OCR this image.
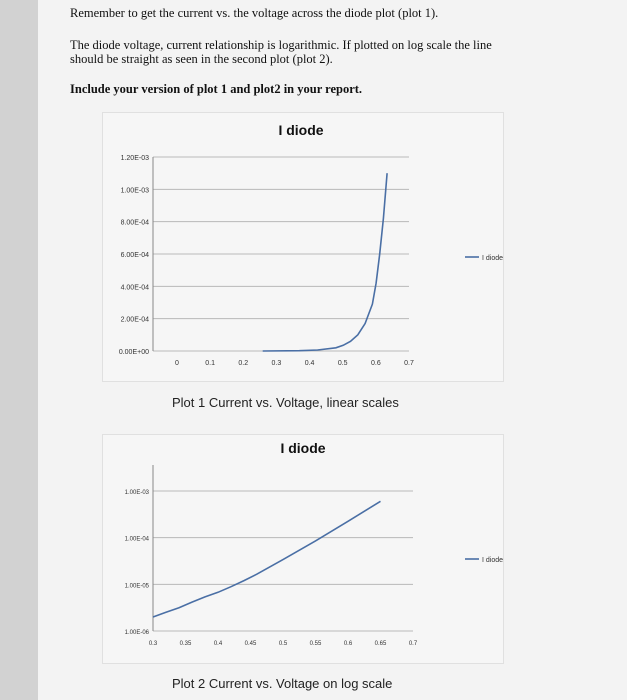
Remember to get the current vs. the voltage across the diode plot (plot 1).
The diode voltage, current relationship is logarithmic. If plotted on log scale the line
should be straight as seen in the second plot (plot 2).
Include your version of plot 1 and plot2 in your report.
I diode
0.00E+00
2.00E-04
4.00E-04
6.00E-04
8.00E-04
1.00E-03
1.20E-03
0	0.1	0.2	0.3	0.4	0.5	0.6	0.7
I diode
Plot 1 Current vs. Voltage, linear scales
I diode
1.00E-06
1.00E-05
1.00E-04
1.00E-03
0.3	0.35	0.4	0.45	0.5	0.55	0.6	0.65	0.7
I diode
Plot 2 Current vs. Voltage on log scale
